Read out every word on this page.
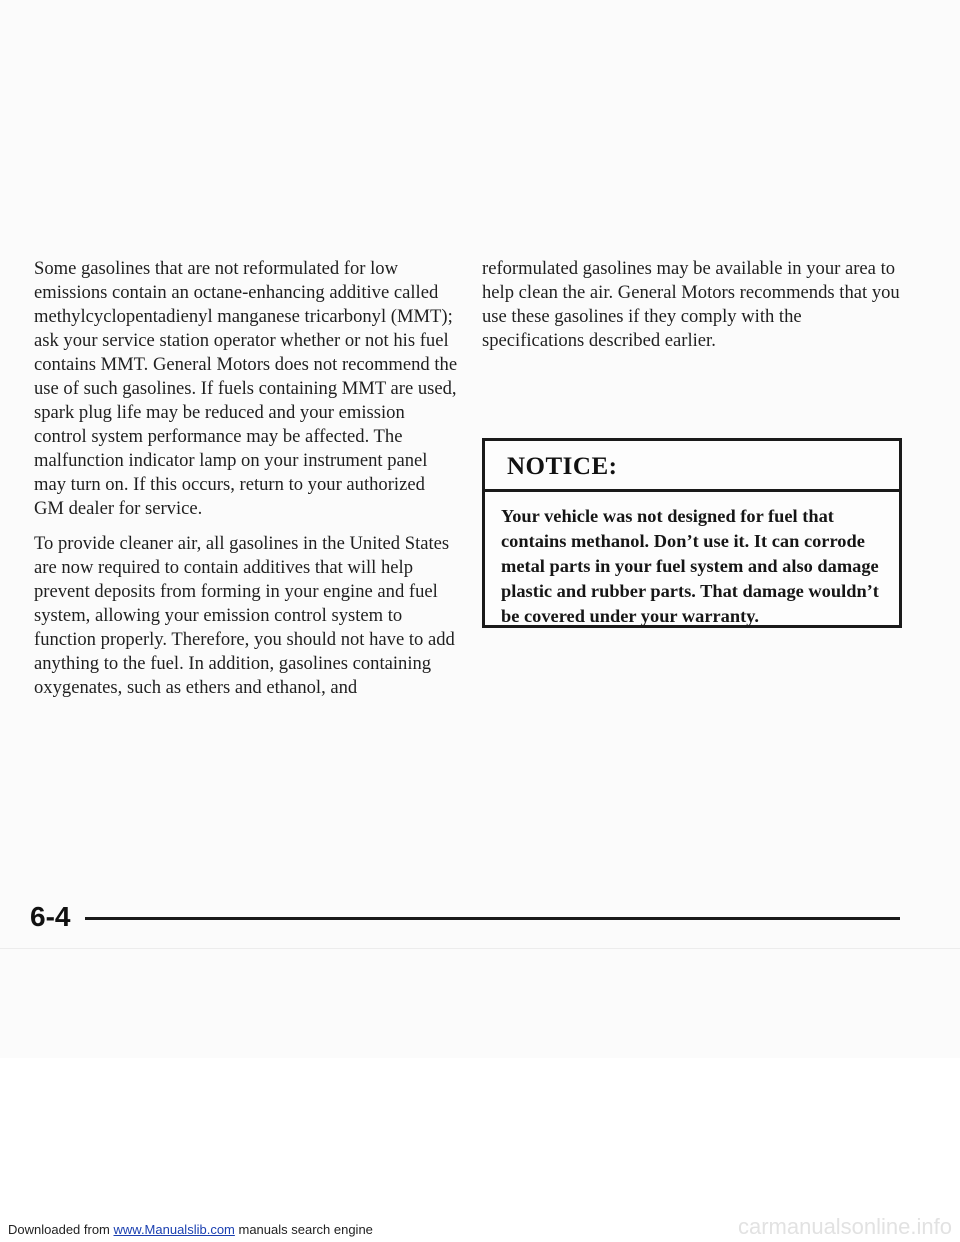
Some gasolines that are not reformulated for low emissions contain an octane-enhancing additive called methylcyclopentadienyl manganese tricarbonyl (MMT); ask your service station operator whether or not his fuel contains MMT. General Motors does not recommend the use of such gasolines. If fuels containing MMT are used, spark plug life may be reduced and your emission control system performance may be affected. The malfunction indicator lamp on your instrument panel may turn on. If this occurs, return to your authorized GM dealer for service.

To provide cleaner air, all gasolines in the United States are now required to contain additives that will help prevent deposits from forming in your engine and fuel system, allowing your emission control system to function properly. Therefore, you should not have to add anything to the fuel. In addition, gasolines containing oxygenates, such as ethers and ethanol, and

reformulated gasolines may be available in your area to help clean the air. General Motors recommends that you use these gasolines if they comply with the specifications described earlier.

NOTICE:
Your vehicle was not designed for fuel that contains methanol. Don’t use it. It can corrode metal parts in your fuel system and also damage plastic and rubber parts. That damage wouldn’t be covered under your warranty.
6-4
Downloaded from www.Manualslib.com manuals search engine	carmanualsonline.info
